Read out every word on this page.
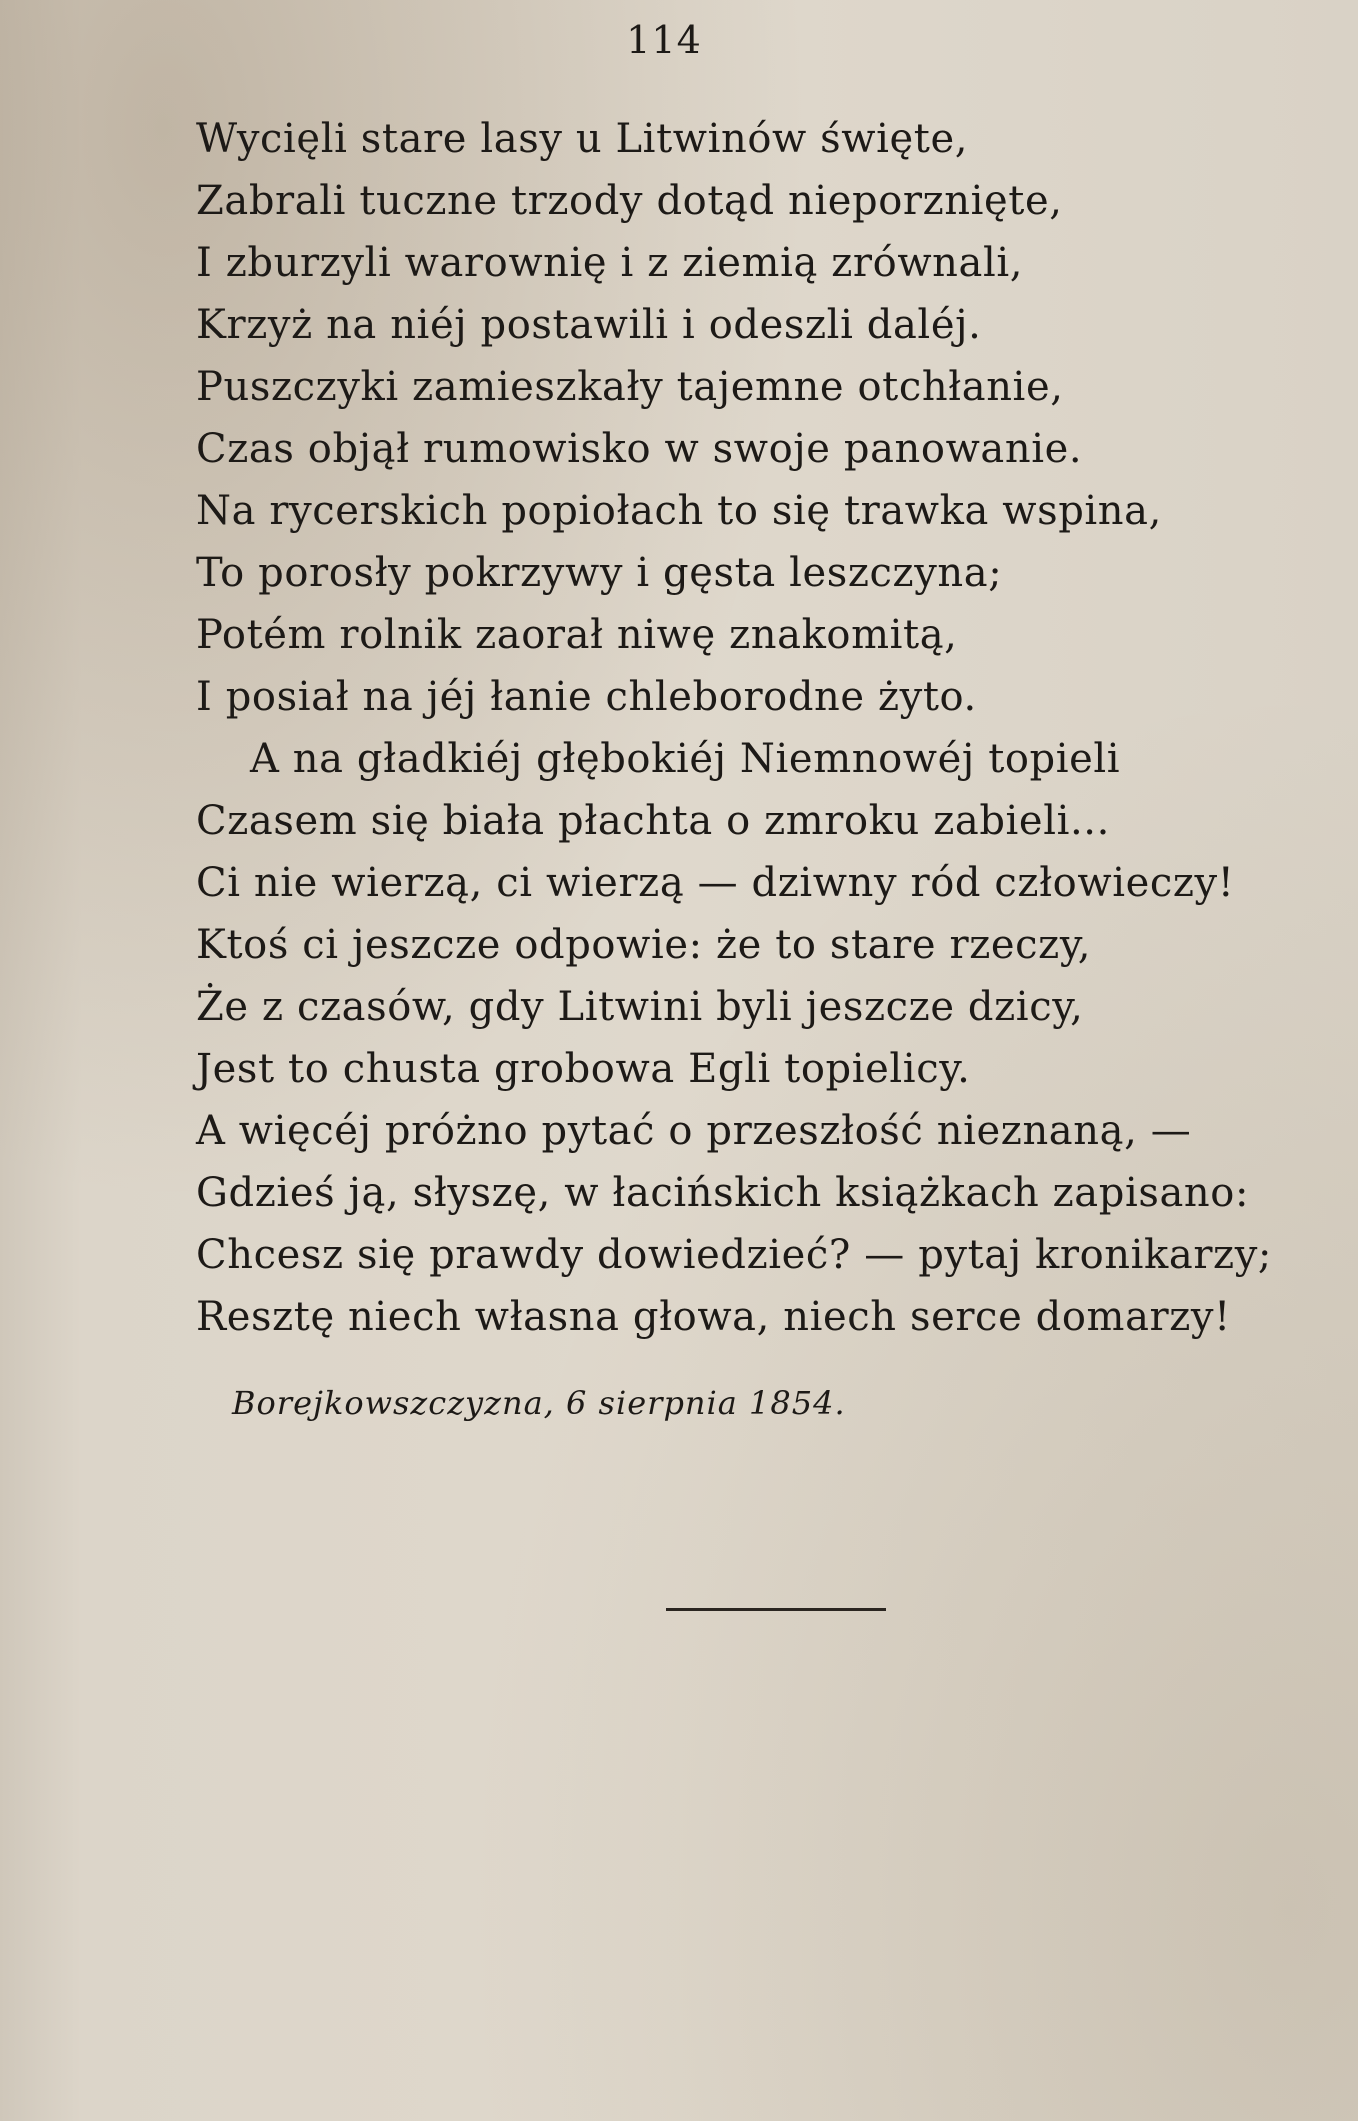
114
Wycięli stare lasy u Litwinów święte,
Zabrali tuczne trzody dotąd nieporznięte,
I zburzyli warownię i z ziemią zrównali,
Krzyż na niéj postawili i odeszli daléj.
Puszczyki zamieszkały tajemne otchłanie,
Czas objął rumowisko w swoje panowanie.
Na rycerskich popiołach to się trawka wspina,
To porosły pokrzywy i gęsta leszczyna;
Potém rolnik zaorał niwę znakomitą,
I posiał na jéj łanie chleborodne żyto.
A na gładkiéj głębokiéj Niemnowéj topieli
Czasem się biała płachta o zmroku zabieli...
Ci nie wierzą, ci wierzą — dziwny ród człowieczy!
Ktoś ci jeszcze odpowie: że to stare rzeczy,
Że z czasów, gdy Litwini byli jeszcze dzicy,
Jest to chusta grobowa Egli topielicy.
A więcéj próżno pytać o przeszłość nieznaną, —
Gdzieś ją, słyszę, w łacińskich książkach zapisano:
Chcesz się prawdy dowiedzieć? — pytaj kronikarzy;
Resztę niech własna głowa, niech serce domarzy!
Borejkowszczyzna, 6 sierpnia 1854.
